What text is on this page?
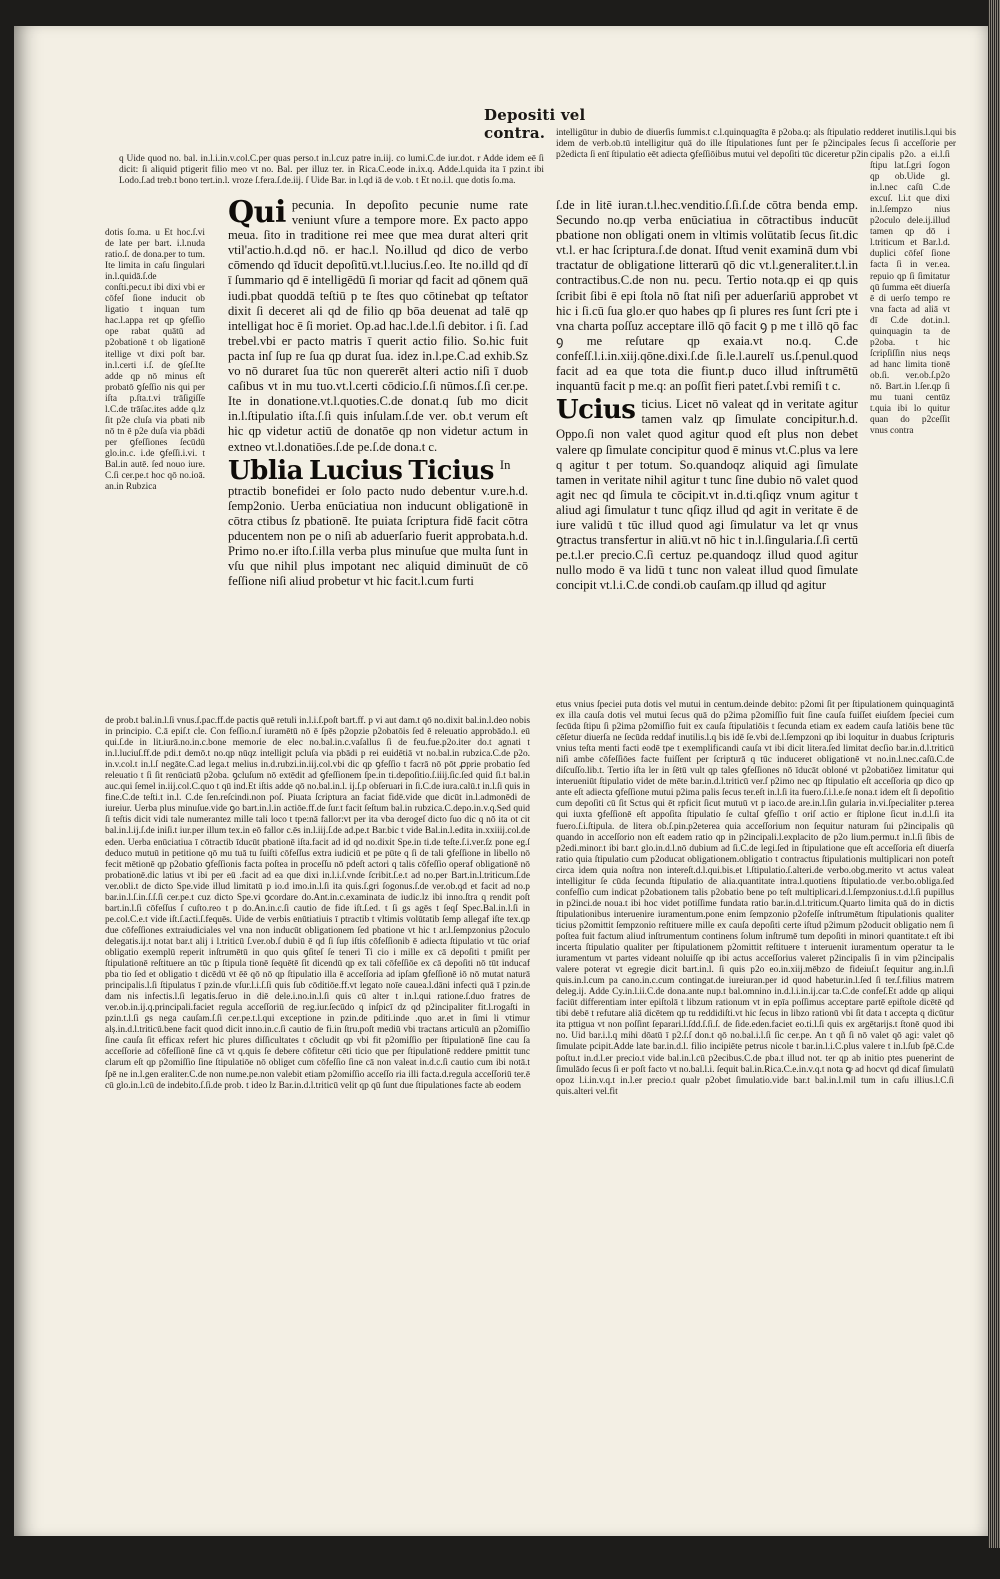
Depositi vel contra.
q Uide quod no. bal. in.l.i.in.v.col.C.per quas perso.t in.l.cuz patre in.iij. co lumi.C.de iur.dot. r Adde idem eē ſi dicit: ſi aliquid ptigerit filio meo vt no. Bal. per illuz ter. in Rica.C.eode in.ix.q. Adde.l.quida ita ī pzin.t ibi Lodo.ſ.ad treb.t bono tert.in.l. vroze ſ.fera.ſ.de.iij. ſ Uide Bar. in l.qd iā de v.ob. t Et no.i.l. que dotis ſo.ma.
dotis ſo.ma. u Et hoc.ſ.vi de late per bart. i.l.nuda ratio.ſ. de dona.per to tum. Ite limita in caſu ſingulari in.l.quidā.ſ.de conſti.pecu.t ibi dixi vbi er cōfeſ ſione inducit ob ligatio t inquan tum hac.l.appa ret qp ꝯfeſſio ope rabat quātū ad p2obationē t ob ligationē itellige vt dixi poſt bar. in.l.certi i.ſ. de ꝯſeſ.Ite adde qp nō minus eſt probatō ꝯſeſſio nis qui per iſta p.ſta.t.vi trāſigiſſe l.C.de trāſac.ites adde q.lz ſit p2e cluſa via pbati nib nō tn ē p2e duſa via pbādi per ꝯfeſſiones ſecūdū glo.in.c. i.de ꝯfeſſi.i.vi. t Bal.in autē. ſed nouo iure. C.ſi cer.pe.t hoc qō no.ioā. an.in Rubzica
Qui pecunia. In depoſito pecunie nume rate veniunt vſure a tempore more. Ex pacto appo meua. ſito in traditione rei mee que mea durat alteri qrit vtil'actio.h.d.qd nō. er hac.l. No.illud qd dico de verbo cōmendo qd īducit depoſitū.vt.l.lucius.ſ.eo. Ite no.illd qd dī ī ſummario qd ē intelligēdū ſi moriar qd facit ad qōnem quā iudi.pbat quoddā teſtiū p te ſtes quo cōtinebat qp teſtator dixit ſi deceret ali qd de filio qp bōa deuenat ad talē qp intelligat hoc ē ſi moriet. Op.ad hac.l.de.l.ſi debitor. i ſi. ſ.ad trebel.vbi er pacto matris ī querit actio filio. So.hic fuit pacta inſ ſup re ſua qp durat ſua. idez in.l.pe.C.ad exhib.Sz vo nō duraret ſua tūc non quererēt alteri actio niſi ī duob caſibus vt in mu tuo.vt.l.certi cōdicio.ſ.ſi nūmos.ſ.ſi cer.pe. Ite in donatione.vt.l.quoties.C.de donat.q ſub mo dicit in.l.ſtipulatio iſta.ſ.ſi quis inſulam.ſ.de ver. ob.t verum eſt hic qp videtur actiū de donatōe qp non videtur actum in extneo vt.l.donatiōes.ſ.de pe.ſ.de dona.t c.
Ublia Lucius Ticius In ptractib bonefidei er ſolo pacto nudo debentur v.ure.h.d. ſemp2onio. Uerba enūciatiua non inducunt obligationē in cōtra ctibus ſz pbationē. Ite puiata ſcriptura fidē facit cōtra pducentem non pe o niſi ab aduerſario fuerit approbata.h.d. Primo no.er iſto.ſ.illa verba plus minuſue que multa ſunt in vſu que nihil plus impotant nec aliquid diminuūt de cō feſſione niſi aliud probetur vt hic facit.l.cum furti
de prob.t bal.in.l.ſi vnus.ſ.pac.ff.de pactis quē retuli in.l.i.ſ.poſt bart.ff. p vi aut dam.t qō no.dixit bal.in.l.deo nobis in principio. C.ā epiſ.t cle. Con feſſio.n.ſ iuramētū nō ē ſpēs p2opzie p2obatōis ſed ē releuatio approbādo.l. eū qui.ſ.de in lit.iurā.no.in.c.bone memorie de elec no.bal.in.c.vaſallus ſi de feu.fue.p2o.iter do.t agnati t in.l.luciuſ.ff.de pdi.t demō.t no.qp nūqz intelligit pcluſa via pbādi p rei euidētiā vt no.bal.in rubzica.C.de p2o. in.v.col.t in.l.ſ negāte.C.ad lega.t melius in.d.rubzi.in.iij.col.vbi dic qp ꝯfeſſio t facrā nō pōt ꝓprie probatio ſed releuatio t ſi ſit renūciatū p2oba. ꝯcluſum nō extēdit ad ꝯfeſſionem ſpe.in ti.depoſitio.ſ.iiij.ſic.ſed quid ſi.t bal.in auc.qui ſemel in.iij.col.C.quo t qū ind.Et iſtis adde qō no.bal.in.l. ij.ſ.p obſeruari in ſi.C.de iura.calū.t in.l.ſi quis in fine.C.de teſti.t in.l. C.de ſen.reſcindi.non poſ. Piuata ſcriptura an faciat fidē.vide que dicūt in.l.admonēdi de iureiur. Uerba plus minuſue.vide ꝯo bart.in.l.in actiōe.ff.de ſur.t facit ſeſtum bal.in rubzica.C.depo.in.v.q.Sed quid ſi teſtis dicit vidi tale numerantez mille tali loco t tpe:nā fallor:vt per ita vba derogeſ dicto ſuo dic q nō ita ot cit bal.in.l.ij.ſ.de iniſi.t iur.per illum tex.in eō fallor c.ēs in.l.iij.ſ.de ad.pe.t Bar.bic t vide Bal.in.l.edita in.xxiiij.col.de eden. Uerba enūciatiua ī cōtractib īducūt pbationē iſta.facit ad id qd no.dixit Spe.in ti.de teſte.ſ.i.ver.ſz pone eg.ſ deduco mutuū in petitione qō mu tuā tu ſuiſti cōfeſſus extra iudiciū et pe pūte q ſi de tali ꝯfeſſione in libello nō fecit mētionē qp p2obatio ꝯfeſſionis facta poſtea in proceſſu nō pdeſt actori q talis cōfeſſio operaf obligationē nō probationē.dic latius vt ibi per eū .facit ad ea que dixi in.l.i.ſ.vnde ſcribit.ſ.e.t ad no.per Bart.in.l.triticum.ſ.de ver.obli.t de dicto Spe.vide illud limitatū p io.d imo.in.l.ſi ita quis.ſ.gri ſogonus.ſ.de ver.ob.qd et facit ad no.p bar.in.l.ſ.in.ſ.ſ.ſi cer.pe.t cuz dicto Spe.vi ꝯcordare do.Ant.in.c.examinata de iudic.lz ibi inno.ſtra q rendit poſt bart.in.l.ſi cōfeſſus ſ cuſto.reo t p do.An.in.c.ſi cautio de fide iſt.ſ.ed. t ſi gs agēs t ſeqſ Spec.Bal.in.l.ſi in pe.col.C.e.t vide iſt.ſ.acti.ſ.fequēs. Uide de verbis enūtiatiuis ī ptractib t vltimis volūtatib ſemp allegaf iſte tex.qp due cōfeſſiones extraiudiciales vel vna non inducūt obligationem ſed pbatione vt hic t ar.l.ſempzonius p2oculo delegatis.ij.t notat bar.t alij i l.triticū ſ.ver.ob.ſ dubiū ē qd ſi ſup iſtis cōfeſſionib ē adiecta ſtipulatio vt tūc oriaf obligatio exemplū reperit inſtrumētū in quo quis ꝯſiteſ ſe teneri Ti cio i mille ex cā depoſiti t pmiſit per ſtipulationē reſtituere an tūc p ſtipula tionē ſequētē ſit dicendū qp ex tali cōfeſſiōe ex cā depoſiti nō tūt inducaf pba tio ſed et obligatio t dicēdū vt ēē qō nō qp ſtipulatio illa ē acceſſoria ad ipſam ꝯfeſſionē iō nō mutat naturā principalis.l.ſi ſtipulatus ī pzin.de vſur.l.i.ſ.ſi quis ſub cōditiōe.ff.vt legato noīe cauea.l.dāni infecti quā ī pzin.de dam nis infectis.l.ſi legatis.ſeruo in diē dele.i.no.in.l.ſi quis cū alter t in.l.qui ratione.ſ.duo fratres de ver.ob.in.ij.q.principali.faciet regula acceſſoriū de reg.iur.ſecūdo q inſpicī dz qd p2incipaliter fit.l.rogaſti in pzin.t.l.ſi gs nega cauſam.ſ.ſi cer.pe.t.l.qui exceptione in pzin.de pditi.inde .quo ar.et in ſimi li vtimur alș.in.d.l.triticū.bene facit quod dicit inno.in.c.ſi cautio de fi.in ſtru.poſt mediū vbi tractans articulū an p2omiſſio ſine cauſa ſit efficax refert hic plures diſſicultates t cōcludit qp vbi fit p2omiſſio per ſtipulationē ſine cau ſa acceſſorie ad cōfeſſionē ſine cā vt q.quis ſe debere cōfitetur cēti ticio que per ſtipulationē reddere pmittit tunc clarum eſt qp p2omiſſio ſine ſtipulatiōe nō obliget cum cōfeſſio ſine cā non valeat in.d.c.ſi cautio cum ibi notā.t ſpē ne in.l.gen eraliter.C.de non nume.pe.non valebit etiam p2omiſſio acceſſo ria illi facta.d.regula acceſſoriū ter.ē cū glo.in.l.cū de indebito.ſ.ſi.de prob. t ideo lz Bar.in.d.l.triticū velit qp qū ſunt due ſtipulationes facte ab eodem
intelligūtur in dubio de diuerſis ſummis.t c.l.quinquagīta ē p2oba.q: als ſtipulatio redderet inutilis.l.qui bis idem de verb.ob.tū intelligitur quā do ille ſtipulationes ſunt per ſe p2incipales ſecus ſi acceſſorie per p2edicta ſi enī ſtipulatio eēt adiecta ꝯfeſſiōibus mutui vel depoſiti tūc diceretur p2in
ſ.de in litē iuran.t.l.hec.venditio.ſ.ſi.ſ.de cōtra benda emp. Secundo no.qp verba enūciatiua in cōtractibus inducūt pbatione non obligati onem in vltimis volūtatib ſecus ſit.dic vt.l. er hac ſcriptura.ſ.de donat. Iſtud venit examinā dum vbi tractatur de obligatione litterarū qō dic vt.l.generaliter.t.l.in contractibus.C.de non nu. pecu. Tertio nota.qp ei qp quis ſcribit ſibi ē epi ſtola nō ſtat niſi per aduerſariū approbet vt hic i ſi.cū ſua glo.er quo habes qp ſi plures res ſunt ſcri pte i vna charta poſſuz acceptare illō qō facit ꝯ p me t illō qō fac ꝯ me reſutare qp exaia.vt no.q. C.de confeſſ.l.i.in.xiij.qōne.dixi.ſ.de ſi.le.l.aurelī us.ſ.penul.quod facit ad ea que tota die fiunt.p duco illud inſtrumētū inquantū facit p me.q: an poſſit fieri patet.ſ.vbi remiſi t c.
Ucius ticius. Licet nō valeat qd in veritate agitur tamen valz qp ſimulate concipitur.h.d. Oppo.ſi non valet quod agitur quod eſt plus non debet valere qp ſimulate concipitur quod ē minus vt.C.plus va lere q agitur t per totum. So.quandoqz aliquid agi ſimulate tamen in veritate nihil agitur t tunc ſine dubio nō valet quod agit nec qd ſimula te cōcipit.vt in.d.ti.qſiqz vnum agitur t aliud agi ſimulatur t tunc qſiqz illud qd agit in veritate ē de iure validū t tūc illud quod agi ſimulatur va let qr vnus ꝯtractus transfertur in aliū.vt nō hic t in.l.ſingularia.ſ.ſi certū pe.t.l.er precio.C.ſi certuz pe.quandoqz illud quod agitur nullo modo ē va lidū t tunc non valeat illud quod ſimulate concipit vt.l.i.C.de condi.ob cauſam.qp illud qd agitur
cipalis p2o. a ei.l.ſi ſtipu lat.ſ.gri ſogon qp ob.Uide gl. in.l.nec caſū C.de excuſ. l.i.t que dixi in.l.ſempzo nius p2oculo dele.ij.illud tamen qp dō i l.triticum et Bar.l.d. duplici cōfeſ ſione facta ſi in ver.ea. repuio qp ſi ſimitatur qū ſumma eēt diuerſa ē di uerſo tempo re vna facta ad aliā vt dī C.de dot.in.l. quinquagin ta de p2oba. t hic ſcripſiſſin nius neqs ad hanc limita tionē ob.ſi. ver.ob.ſ.p2o nō. Bart.in l.ſer.qp ſi mu tuani centūz t.quia ibi lo quitur quan do p2ceſſit vnus contra
etus vnius ſpeciei puta dotis vel mutui in centum.deinde debito: p2omi ſit per ſtipulationem quinquagintā ex illa cauſa dotis vel mutui ſecus quā do p2ima p2omiſſio fuit ſine cauſa fuiſſet eiuſdem ſpeciei cum ſecūda ſtipu ſi p2ima p2omiſſio fuit ex cauſa ſtipulatiōis t ſecunda etiam ex eadem cauſa latiōis bene tūc cēſetur diuerſa ne ſecūda reddaf inutilis.l.q bis idē ſe.vbi de.l.ſempzoni qp ibi loquitur in duabus ſcripturis vnius teſta menti facti eodē tpe t exemplificandi cauſa vt ibi dicit litera.ſed limitat decſio bar.in.d.l.triticū niſi ambe cōfeſſiōes facte fuiſſent per ſcripturā q tūc induceret obligationē vt no.in.l.nec.caſū.C.de diſcuſſo.lib.t. Tertio iſta ler in ſētū vult qp tales ꝯfeſſiones nō īducāt obloné vt p2obatiōez limitatur qui interueniūt ſtipulatio videt de mēte bar.in.d.l.triticū ver.ſ p2imo nec qp ſtipulatio eſt acceſſoria qp dico qp ante eſt adiecta ꝯfeſſione mutui p2ima palis ſecus ter.eſt in.l.ſi ita fuero.ſ.i.l.e.ſe nona.t idem eſt ſi depoſitio cum depoſiti cū ſit Sctus qui ēt rpficit ſicut mutuū vt p iaco.de are.in.l.ſin gularia in.vi.ſpecialiter p.terea qui iuxta ꝯfeſſionē eſt appoſita ſtipulatio ſe cultaſ ꝯfeſſio t oriſ actio er ſtiplone ſicut in.d.l.ſi ita fuero.ſ.i.ſtipula. de litera ob.ſ.pin.p2eterea quia acceſſorium non ſequitur naturam ſui p2incipalis qū quando in acceſſorio non eſt eadem ratio qp in p2incipali.l.explacito de p2o lium.permu.t in.l.ſi ſibis de p2edi.minor.t ibi bar.t glo.in.d.l.nō dubium ad ſi.C.de legi.ſed in ſtipulatione que eſt acceſſoria eſt diuerſa ratio quia ſtipulatio cum p2oducat obligationem.obligatio t contractus ſtipulationis multiplicari non poteſt circa idem quia noſtra non intereſt.d.l.qui.bis.et l.ſtipulatio.ſ.alteri.de verbo.obg.merito vt actus valeat intelligitur ſe cūda ſecunda ſtipulatio de alia.quantitate intra.l.quotiens ſtipulatio.de ver.bo.obliga.ſed confeſſio cum indicat p2obationem talis p2obatio bene po teſt multiplicari.d.l.ſempzonius.t.d.l.ſi pupillus in p2inci.de noua.t ibi hoc videt potiſſime fundata ratio bar.in.d.l.triticum.Quarto limita quā do in dictis ſtipulationibus interuenire iuramentum.pone enim ſempzonio p2ofeſſe inſtrumētum ſtipulationis qualiter ticius p2omittit ſempzonio reſtituere mille ex cauſa depoſiti certe iſtud p2imum p2oducit obligatio nem ſi poſtea fuit factum aliud inſtrumentum continens ſolum inſtrumē tum depoſiti in minori quantitate.t eſt ibi incerta ſtipulatio qualiter per ſtipulationem p2omittit reſtituere t interuenit iuramentum operatur ta le iuramentum vt partes videant noluiſſe qp ibi actus acceſſorius valeret p2incipalis ſi in vim p2incipalis valere poterat vt egregie dicit bart.in.l. ſi quis p2o eo.in.xiij.mēbzo de fideiuſ.t ſequitur ang.in.l.ſi quis.in.l.cum pa cano.in.c.cum contingat.de iureiuran.per id quod habetur.in.l.ſed ſi ter.ſ.filius matrem deleg.ij. Adde Cy.in.l.ii.C.de dona.ante nup.t bal.omnino in.d.l.i.in.ij.car ta.C.de confeſ.Et adde qp aliqui faciūt differentiam inter epiſtolā t libzum rationum vt in epīa poſſimus acceptare partē epiſtole dicētē qd tibi debē t refutare aliā dicētem qp tu reddidiſti.vt hic ſecus in libzo rationū vbi ſit data t accepta q dicūtur ita pttigua vt non poſſint ſeparari.l.ſdd.ſ.ſi.ſ. de ſide.eden.faciet eo.ti.l.ſi quis ex argētarijs.t ſtonē quod ibi no. Uid bar.i.l.q mihi dōatū ī p2.ſ.ſ don.t qō no.bal.i.l.ſi ſic cer.pe. An t qñ ſi nō valet qō agi: valet qō ſimulate pcipit.Adde late bar.in.d.l. filio incipiēte petrus nicole t bar.in.l.i.C.plus valere t in.l.ſub ſpē.C.de poſtu.t in.d.l.er precio.t vide bal.in.l.cū p2ecibus.C.de pba.t illud not. ter qp ab initio ptes puenerint de ſimulādo ſecus ſi er poſt facto vt no.bal.l.i. ſequit bal.in.Rica.C.e.in.v.q.t nota ꝙ ad hocvt qd dicaf ſimulatū opoz l.i.in.v.q.t in.l.er precio.t qualr p2obet ſimulatio.vide bar.t bal.in.l.mil tum in caſu illius.l.C.ſi quis.alteri vel.fit
